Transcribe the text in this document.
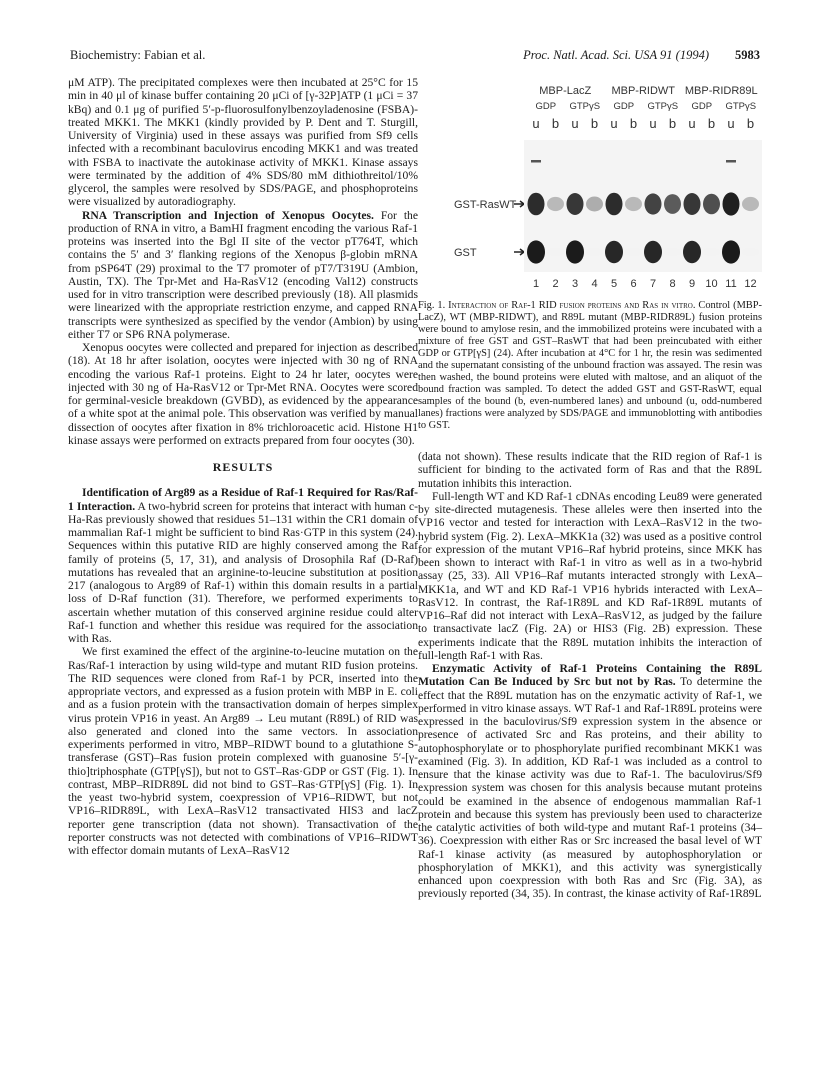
Biochemistry: Fabian et al.	Proc. Natl. Acad. Sci. USA 91 (1994) 5983

μM ATP). The precipitated complexes were then incubated at 25°C for 15 min in 40 μl of kinase buffer containing 20 μCi of [γ-32P]ATP (1 μCi = 37 kBq) and 0.1 μg of purified 5′-p-fluorosulfonylbenzoyladenosine (FSBA)-treated MKK1. The MKK1 (kindly provided by P. Dent and T. Sturgill, University of Virginia) used in these assays was purified from Sf9 cells infected with a recombinant baculovirus encoding MKK1 and was treated with FSBA to inactivate the autokinase activity of MKK1. Kinase assays were terminated by the addition of 4% SDS/80 mM dithiothreitol/10% glycerol, the samples were resolved by SDS/PAGE, and phosphoproteins were visualized by autoradiography.

RNA Transcription and Injection of Xenopus Oocytes. For the production of RNA in vitro, a BamHI fragment encoding the various Raf-1 proteins was inserted into the Bgl II site of the vector pT764T, which contains the 5′ and 3′ flanking regions of the Xenopus β-globin mRNA from pSP64T (29) proximal to the T7 promoter of pT7/T319U (Ambion, Austin, TX). The Tpr-Met and Ha-RasV12 (encoding Val12) constructs used for in vitro transcription were described previously (18). All plasmids were linearized with the appropriate restriction enzyme, and capped RNA transcripts were synthesized as specified by the vendor (Ambion) by using either T7 or SP6 RNA polymerase.

Xenopus oocytes were collected and prepared for injection as described (18). At 18 hr after isolation, oocytes were injected with 30 ng of RNA encoding the various Raf-1 proteins. Eight to 24 hr later, oocytes were injected with 30 ng of Ha-RasV12 or Tpr-Met RNA. Oocytes were scored for germinal-vesicle breakdown (GVBD), as evidenced by the appearance of a white spot at the animal pole. This observation was verified by manual dissection of oocytes after fixation in 8% trichloroacetic acid. Histone H1 kinase assays were performed on extracts prepared from four oocytes (30).

RESULTS

Identification of Arg89 as a Residue of Raf-1 Required for Ras/Raf-1 Interaction. A two-hybrid screen for proteins that interact with human c-Ha-Ras previously showed that residues 51–131 within the CR1 domain of mammalian Raf-1 might be sufficient to bind Ras·GTP in this system (24). Sequences within this putative RID are highly conserved among the Raf family of proteins (5, 17, 31), and analysis of Drosophila Raf (D-Raf) mutations has revealed that an arginine-to-leucine substitution at position 217 (analogous to Arg89 of Raf-1) within this domain results in a partial loss of D-Raf function (31). Therefore, we performed experiments to ascertain whether mutation of this conserved arginine residue could alter Raf-1 function and whether this residue was required for the association with Ras.

We first examined the effect of the arginine-to-leucine mutation on the Ras/Raf-1 interaction by using wild-type and mutant RID fusion proteins. The RID sequences were cloned from Raf-1 by PCR, inserted into the appropriate vectors, and expressed as a fusion protein with MBP in E. coli and as a fusion protein with the transactivation domain of herpes simplex virus protein VP16 in yeast. An Arg89 → Leu mutant (R89L) of RID was also generated and cloned into the same vectors. In association experiments performed in vitro, MBP–RIDWT bound to a glutathione S-transferase (GST)–Ras fusion protein complexed with guanosine 5′-[γ-thio]triphosphate (GTP[γS]), but not to GST–Ras·GDP or GST (Fig. 1). In contrast, MBP–RIDR89L did not bind to GST–Ras·GTP[γS] (Fig. 1). In the yeast two-hybrid system, coexpression of VP16–RIDWT, but not VP16–RIDR89L, with LexA–RasV12 transactivated HIS3 and lacZ reporter gene transcription (data not shown). Transactivation of the reporter constructs was not detected with combinations of VP16–RIDWT with effector domain mutants of LexA–RasV12

MBP-LacZ MBP-RIDWT MBP-RIDR89L
GDP GTPγS GDP GTPγS GDP GTPγS
u b u b u b u b u b u b
GST-RasWT
GST
1 2 3 4 5 6 7 8 9 10 11 12
Fig. 1. Interaction of Raf-1 RID fusion proteins and Ras in vitro. Control (MBP-LacZ), WT (MBP-RIDWT), and R89L mutant (MBP-RIDR89L) fusion proteins were bound to amylose resin, and the immobilized proteins were incubated with a mixture of free GST and GST–RasWT that had been preincubated with either GDP or GTP[γS] (24). After incubation at 4°C for 1 hr, the resin was sedimented and the supernatant consisting of the unbound fraction was assayed. The resin was then washed, the bound proteins were eluted with maltose, and an aliquot of the bound fraction was sampled. To detect the added GST and GST-RasWT, equal samples of the bound (b, even-numbered lanes) and unbound (u, odd-numbered lanes) fractions were analyzed by SDS/PAGE and immunoblotting with antibodies to GST.

(data not shown). These results indicate that the RID region of Raf-1 is sufficient for binding to the activated form of Ras and that the R89L mutation inhibits this interaction.

Full-length WT and KD Raf-1 cDNAs encoding Leu89 were generated by site-directed mutagenesis. These alleles were then inserted into the VP16 vector and tested for interaction with LexA–RasV12 in the two-hybrid system (Fig. 2). LexA–MKK1a (32) was used as a positive control for expression of the mutant VP16–Raf hybrid proteins, since MKK has been shown to interact with Raf-1 in vitro as well as in a two-hybrid assay (25, 33). All VP16–Raf mutants interacted strongly with LexA–MKK1a, and WT and KD Raf-1 VP16 hybrids interacted with LexA–RasV12. In contrast, the Raf-1R89L and KD Raf-1R89L mutants of VP16–Raf did not interact with LexA–RasV12, as judged by the failure to transactivate lacZ (Fig. 2A) or HIS3 (Fig. 2B) expression. These experiments indicate that the R89L mutation inhibits the interaction of full-length Raf-1 with Ras.

Enzymatic Activity of Raf-1 Proteins Containing the R89L Mutation Can Be Induced by Src but not by Ras. To determine the effect that the R89L mutation has on the enzymatic activity of Raf-1, we performed in vitro kinase assays. WT Raf-1 and Raf-1R89L proteins were expressed in the baculovirus/Sf9 expression system in the absence or presence of activated Src and Ras proteins, and their ability to autophosphorylate or to phosphorylate purified recombinant MKK1 was examined (Fig. 3). In addition, KD Raf-1 was included as a control to ensure that the kinase activity was due to Raf-1. The baculovirus/Sf9 expression system was chosen for this analysis because mutant proteins could be examined in the absence of endogenous mammalian Raf-1 protein and because this system has previously been used to characterize the catalytic activities of both wild-type and mutant Raf-1 proteins (34–36). Coexpression with either Ras or Src increased the basal level of WT Raf-1 kinase activity (as measured by autophosphorylation or phosphorylation of MKK1), and this activity was synergistically enhanced upon coexpression with both Ras and Src (Fig. 3A), as previously reported (34, 35). In contrast, the kinase activity of Raf-1R89L
